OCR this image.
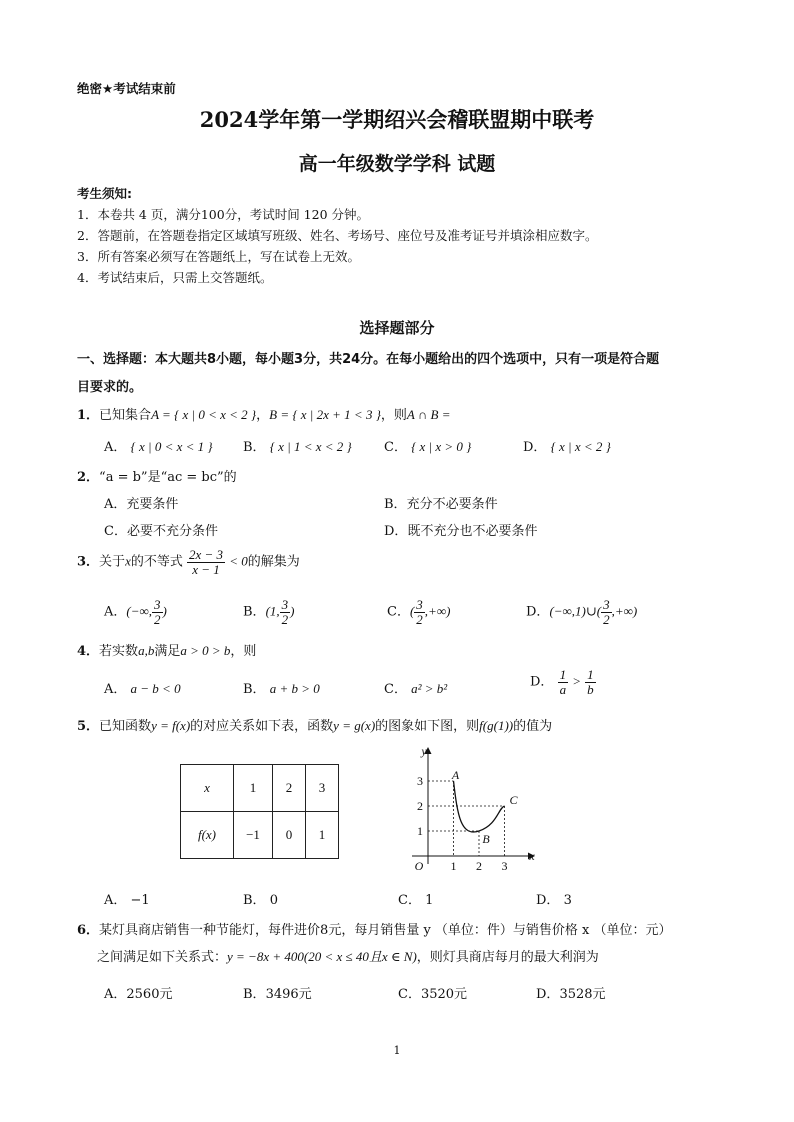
绝密★考试结束前
2024学年第一学期绍兴会稽联盟期中联考
高一年级数学学科 试题
考生须知:
1．本卷共 4 页，满分100分，考试时间 120 分钟。
2．答题前，在答题卷指定区域填写班级、姓名、考场号、座位号及准考证号并填涂相应数字。
3．所有答案必须写在答题纸上，写在试卷上无效。
4．考试结束后，只需上交答题纸。
选择题部分
一、选择题：本大题共8小题，每小题3分，共24分。在每小题给出的四个选项中，只有一项是符合题
目要求的。
1．已知集合A = { x | 0 < x < 2 }，B = { x | 2x + 1 < 3 }，则A ∩ B =
A． { x | 0 < x < 1 } B． { x | 1 < x < 2 } C． { x | x > 0 }	D． { x | x < 2 }
2．“a = b”是“ac = bc”的
A．充要条件	B．充分不必要条件
C．必要不充分条件	D．既不充分也不必要条件
3．关于x的不等式 $\frac{2x - 3}{x - 1} < 0$的解集为
A．(−∞, $\frac{3}{2}$ )	B．(1, $\frac{3}{2}$ )	C．( $\frac{3}{2}$ ,+∞)	D．(−∞,1)∪( $\frac{3}{2}$ ,+∞)
4．若实数a,b满足a > 0 > b，则
A． a − b < 0	B． a + b > 0	C． a² > b²	D． $\frac{1}{a} > \frac{1}{b}$
5．已知函数y = f(x)的对应关系如下表，函数y = g(x)的图象如下图，则f(g(1))的值为
x	1	2	3
f(x)	−1	0	1
1 2 3
1
2
3
O
x
y
A
B
C
A． −1	B． 0	C． 1	D． 3
6．某灯具商店销售一种节能灯，每件进价8元，每月销售量 y （单位：件）与销售价格 x （单位：元）
之间满足如下关系式：y = −8x + 400(20 < x ≤ 40且x ∈ N)，则灯具商店每月的最大利润为
A．2560元	B．3496元	C．3520元	D．3528元
1
